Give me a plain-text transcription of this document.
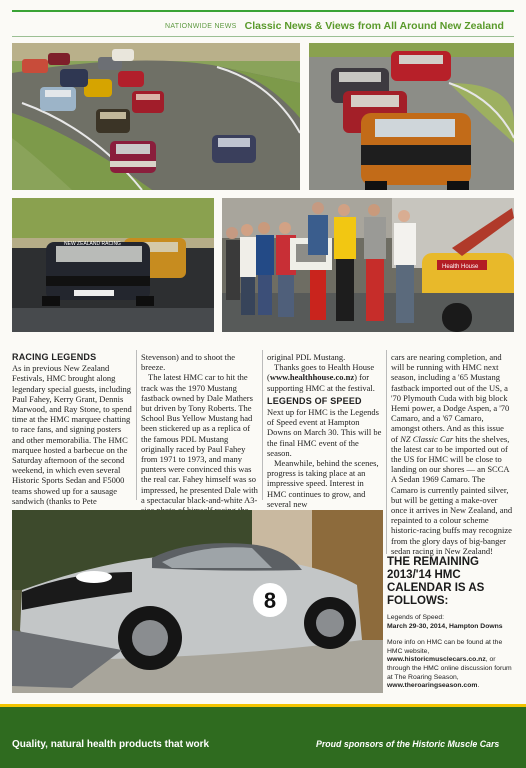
NATIONWIDE NEWS Classic News & Views from All Around New Zealand
NEW ZEALAND RACING
Health House
RACING LEGENDS

As in previous New Zealand Festivals, HMC brought along legendary special guests, including Paul Fahey, Kerry Grant, Dennis Marwood, and Ray Stone, to spend time at the HMC marquee chatting to race fans, and signing posters and other memorabilia. The HMC marquee hosted a barbecue on the Saturday afternoon of the second weekend, in which even several Historic Sports Sedan and F5000 teams showed up for a sausage sandwich (thanks to Pete

Stevenson) and to shoot the breeze.

The latest HMC car to hit the track was the 1970 Mustang fastback owned by Dale Mathers but driven by Tony Roberts. The School Bus Yellow Mustang had been stickered up as a replica of the famous PDL Mustang originally raced by Paul Fahey from 1971 to 1973, and many punters were convinced this was the real car. Fahey himself was so impressed, he presented Dale with a spectacular black-and-white A3-

original PDL Mustang.

Thanks goes to Health House (www.healthhouse.co.nz) for supporting HMC at the festival.

LEGENDS OF SPEED

Next up for HMC is the Legends of Speed event at Hampton Downs on March 30. This will be the final HMC event of the season.

Meanwhile, behind the scenes, progress is taking place at an impressive speed. Interest in HMC continues to grow, and several new

cars are nearing completion, and will be running with HMC next season, including a '65 Mustang fastback imported out of the US, a '70 Plymouth Cuda with big block Hemi power, a Dodge Aspen, a '70 Camaro, and a '67 Camaro, amongst others. And as this issue of NZ Classic Car hits the shelves, the latest car to be imported out of the US for HMC will be close to landing on our shores — an SCCA A Sedan 1969 Camaro. The Camaro is currently painted silver, but will be getting a make-over once it arrives in New Zealand, and repainted to a colour scheme historic-racing buffs may recognize from the glory days of big-banger sedan racing in New Zealand!

8
THE REMAINING 2013/'14 HMC CALENDAR IS AS FOLLOWS:
Legends of Speed:
March 29-30, 2014, Hampton Downs
More info on HMC can be found at the HMC website, www.historicmusclecars.co.nz, or through the HMC online discussion forum at The Roaring Season, www.theroaringseason.com.
Quality, natural health products that work	Proud sponsors of the Historic Muscle Cars
